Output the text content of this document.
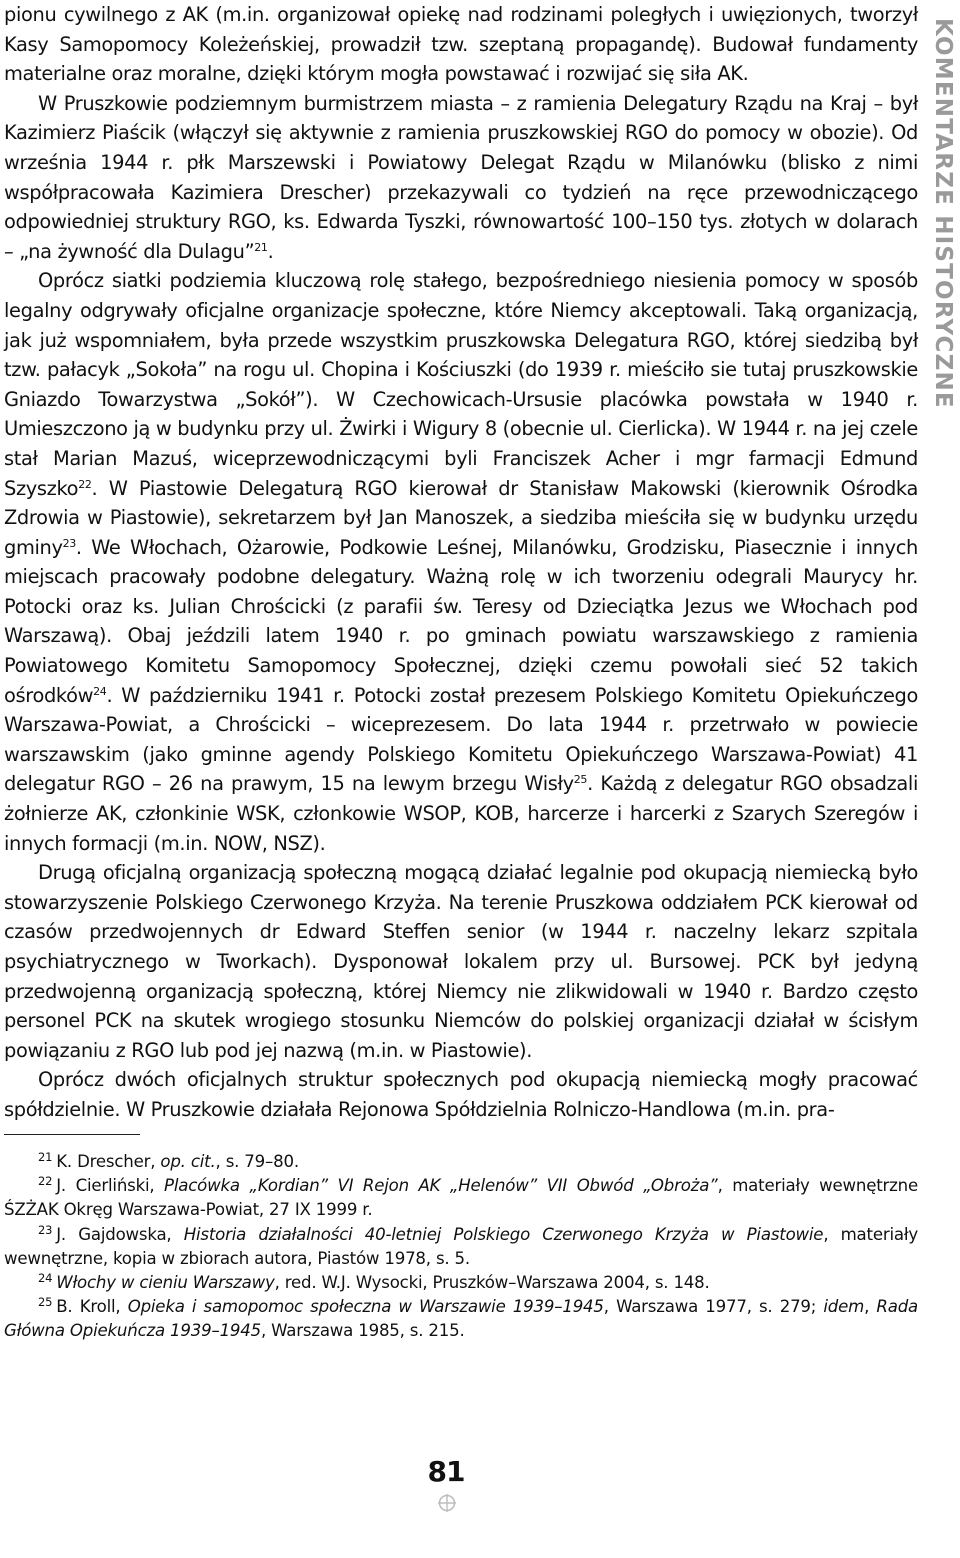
KOMENTARZE HISTORYCZNE

pionu cywilnego z AK (m.in. organizował opiekę nad rodzinami poległych i uwięzionych, tworzył Kasy Samopomocy Koleżeńskiej, prowadził tzw. szeptaną propagandę). Budował fundamenty materialne oraz moralne, dzięki którym mogła powstawać i rozwijać się siła AK.

W Pruszkowie podziemnym burmistrzem miasta – z ramienia Delegatury Rządu na Kraj – był Kazimierz Piaścik (włączył się aktywnie z ramienia pruszkowskiej RGO do pomocy w obozie). Od września 1944 r. płk Marszewski i Powiatowy Delegat Rządu w Milanówku (blisko z nimi współpracowała Kazimiera Drescher) przekazywali co tydzień na ręce przewodniczącego odpowiedniej struktury RGO, ks. Edwarda Tyszki, równowartość 100–150 tys. złotych w dolarach – „na żywność dla Dulagu”$^{21}$.

Oprócz siatki podziemia kluczową rolę stałego, bezpośredniego niesienia pomocy w sposób legalny odgrywały oficjalne organizacje społeczne, które Niemcy akceptowali. Taką organizacją, jak już wspomniałem, była przede wszystkim pruszkowska Delegatura RGO, której siedzibą był tzw. pałacyk „Sokoła” na rogu ul. Chopina i Kościuszki (do 1939 r. mieściło sie tutaj pruszkowskie Gniazdo Towarzystwa „Sokół”). W Czechowicach-Ursusie placówka powstała w 1940 r. Umieszczono ją w budynku przy ul. Żwirki i Wigury 8 (obecnie ul. Cierlicka). W 1944 r. na jej czele stał Marian Mazuś, wiceprzewodniczącymi byli Franciszek Acher i mgr farmacji Edmund Szyszko$^{22}$. W Piastowie Delegaturą RGO kierował dr Stanisław Makowski (kierownik Ośrodka Zdrowia w Piastowie), sekretarzem był Jan Manoszek, a siedziba mieściła się w budynku urzędu gminy$^{23}$. We Włochach, Ożarowie, Podkowie Leśnej, Milanówku, Grodzisku, Piasecznie i innych miejscach pracowały podobne delegatury. Ważną rolę w ich tworzeniu odegrali Maurycy hr. Potocki oraz ks. Julian Chrościcki (z parafii św. Teresy od Dzieciątka Jezus we Włochach pod Warszawą). Obaj jeździli latem 1940 r. po gminach powiatu warszawskiego z ramienia Powiatowego Komitetu Samopomocy Społecznej, dzięki czemu powołali sieć 52 takich ośrodków$^{24}$. W październiku 1941 r. Potocki został prezesem Polskiego Komitetu Opiekuńczego Warszawa-Powiat, a Chrościcki – wiceprezesem. Do lata 1944 r. przetrwało w powiecie warszawskim (jako gminne agendy Polskiego Komitetu Opiekuńczego Warszawa-Powiat) 41 delegatur RGO – 26 na prawym, 15 na lewym brzegu Wisły$^{25}$. Każdą z delegatur RGO obsadzali żołnierze AK, członkinie WSK, członkowie WSOP, KOB, harcerze i harcerki z Szarych Szeregów i innych formacji (m.in. NOW, NSZ).

Drugą oficjalną organizacją społeczną mogącą działać legalnie pod okupacją niemiecką było stowarzyszenie Polskiego Czerwonego Krzyża. Na terenie Pruszkowa oddziałem PCK kierował od czasów przedwojennych dr Edward Steffen senior (w 1944 r. naczelny lekarz szpitala psychiatrycznego w Tworkach). Dysponował lokalem przy ul. Bursowej. PCK był jedyną przedwojenną organizacją społeczną, której Niemcy nie zlikwidowali w 1940 r. Bardzo często personel PCK na skutek wrogiego stosunku Niemców do polskiej organizacji działał w ścisłym powiązaniu z RGO lub pod jej nazwą (m.in. w Piastowie).

Oprócz dwóch oficjalnych struktur społecznych pod okupacją niemiecką mogły pracować spółdzielnie. W Pruszkowie działała Rejonowa Spółdzielnia Rolniczo-Handlowa (m.in. pra-

$^{21}$ K. Drescher, op. cit., s. 79–80.

$^{22}$ J. Cierliński, Placówka „Kordian” VI Rejon AK „Helenów” VII Obwód „Obroża”, materiały wewnętrzne ŚZŻAK Okręg Warszawa-Powiat, 27 IX 1999 r.

$^{23}$ J. Gajdowska, Historia działalności 40-letniej Polskiego Czerwonego Krzyża w Piastowie, materiały wewnętrzne, kopia w zbiorach autora, Piastów 1978, s. 5.

$^{24}$ Włochy w cieniu Warszawy, red. W.J. Wysocki, Pruszków–Warszawa 2004, s. 148.

$^{25}$ B. Kroll, Opieka i samopomoc społeczna w Warszawie 1939–1945, Warszawa 1977, s. 279; idem, Rada Główna Opiekuńcza 1939–1945, Warszawa 1985, s. 215.

81
